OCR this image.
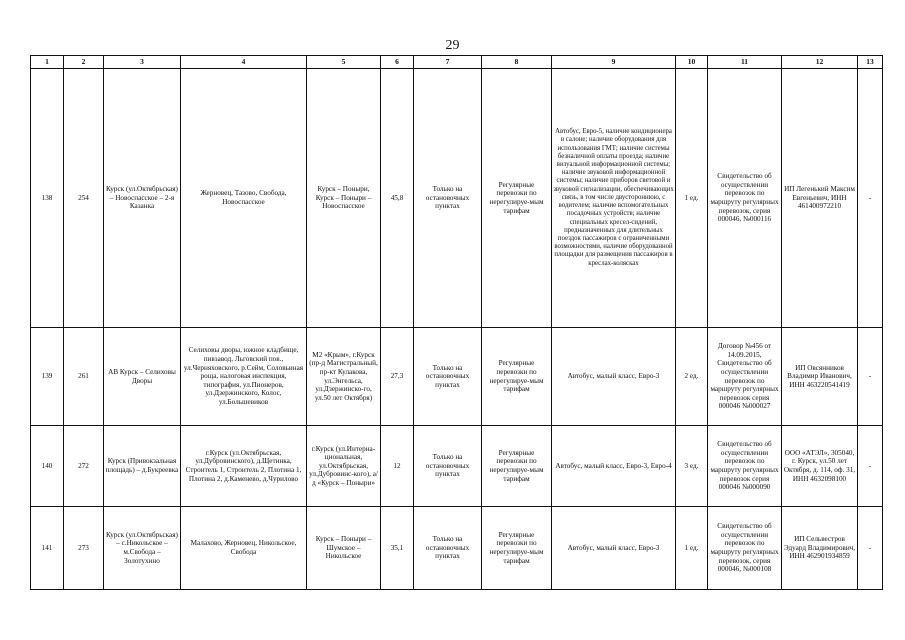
29
1	2	3	4	5	6	7	8	9	10	11	12	13
138	254	Курск (ул.Октябрьская) – Новоспасское – 2-я Казанка	Жерновец, Тазово, Свобода, Новоспасское	Курск – Поныри, Курск – Поныри – Новоспасское	45,8	Только на остановочных пунктах	Регулярные перевозки по нерегулируе-мым тарифам	Автобус, Евро-5, наличие кондиционера в салоне; наличие оборудования для использования ГМТ; наличие системы безналичной оплаты проезда; наличие визуальной информационной системы; наличие звуковой информационной системы; наличие приборов световой и звуковой сигнализации, обеспечивающих связь, в том числе двустороннюю, с водителем; наличие вспомогательных посадочных устройств; наличие специальных кресел-сидений, предназначенных для длительных поездок пассажиров с ограниченными возможностями, наличие оборудованной площадки для размещения пассажиров в креслах-колясках	1 ед.	Свидетельство об осуществлении перевозок по маршруту регулярных перевозок, серия 000046, №000116	ИП Легенький Максим Евгеньевич, ИНН 461400972210	-
139	261	АВ Курск – Селиховы Дворы	Селиховы дворы, южное кладбище, пивзавод, Льговский пов., ул.Черняховского, р.Сейм, Соловьиная роща, налоговая инспекция, типография, ул.Пионеров, ул.Дзержинского, Колос, ул.Большевиков	М2 «Крым», г.Курск (пр-д Магистральный, пр-кт Кулакова, ул.Энгельса, ул.Дзержинско-го, ул.50 лет Октября)	27,3	Только на остановочных пунктах	Регулярные перевозки по нерегулируе-мым тарифам	Автобус, малый класс, Евро-3	2 ед.	Договор №456 от 14.09.2015, Свидетельство об осуществлении перевозок по маршруту регулярных перевозок серия 000046 №000027	ИП Овсянников Владимир Иванович, ИНН 463220541419	-
140	272	Курск (Привокзальная площадь) – д.Букреевка	г.Курск (ул.Октябрьская, ул.Дубровинского), д.Щетинка, Строитель 1, Строитель 2, Плотина 1, Плотина 2, д.Каменево, д.Чурилово	г.Курск (ул.Интерна-циональная, ул.Октябрьская, ул.Дубровинс-кого), а/д «Курск – Поныри»	12	Только на остановочных пунктах	Регулярные перевозки по нерегулируе-мым тарифам	Автобус, малый класс, Евро-3, Евро-4	3 ед.	Свидетельство об осуществлении перевозок по маршруту регулярных перевозок серия 000046 №000090	ООО «АТЭЛ», 305040, г. Курск, ул.50 лет Октября, д. 114, оф. 31, ИНН 4632098100	-
141	273	Курск (ул.Октябрьская) – с.Никольское – м.Свобода – Золотухино	Малахово, Жерновец, Никольское, Свобода	Курск – Поныри – Шумское – Никольское	35,1	Только на остановочных пунктах	Регулярные перевозки по нерегулируе-мым тарифам	Автобус, малый класс, Евро-3	1 ед.	Свидетельство об осуществлении перевозок по маршруту регулярных перевозок, серия 000046, №000108	ИП Сельвестров Эдуард Владимирович, ИНН 462901934859	-
